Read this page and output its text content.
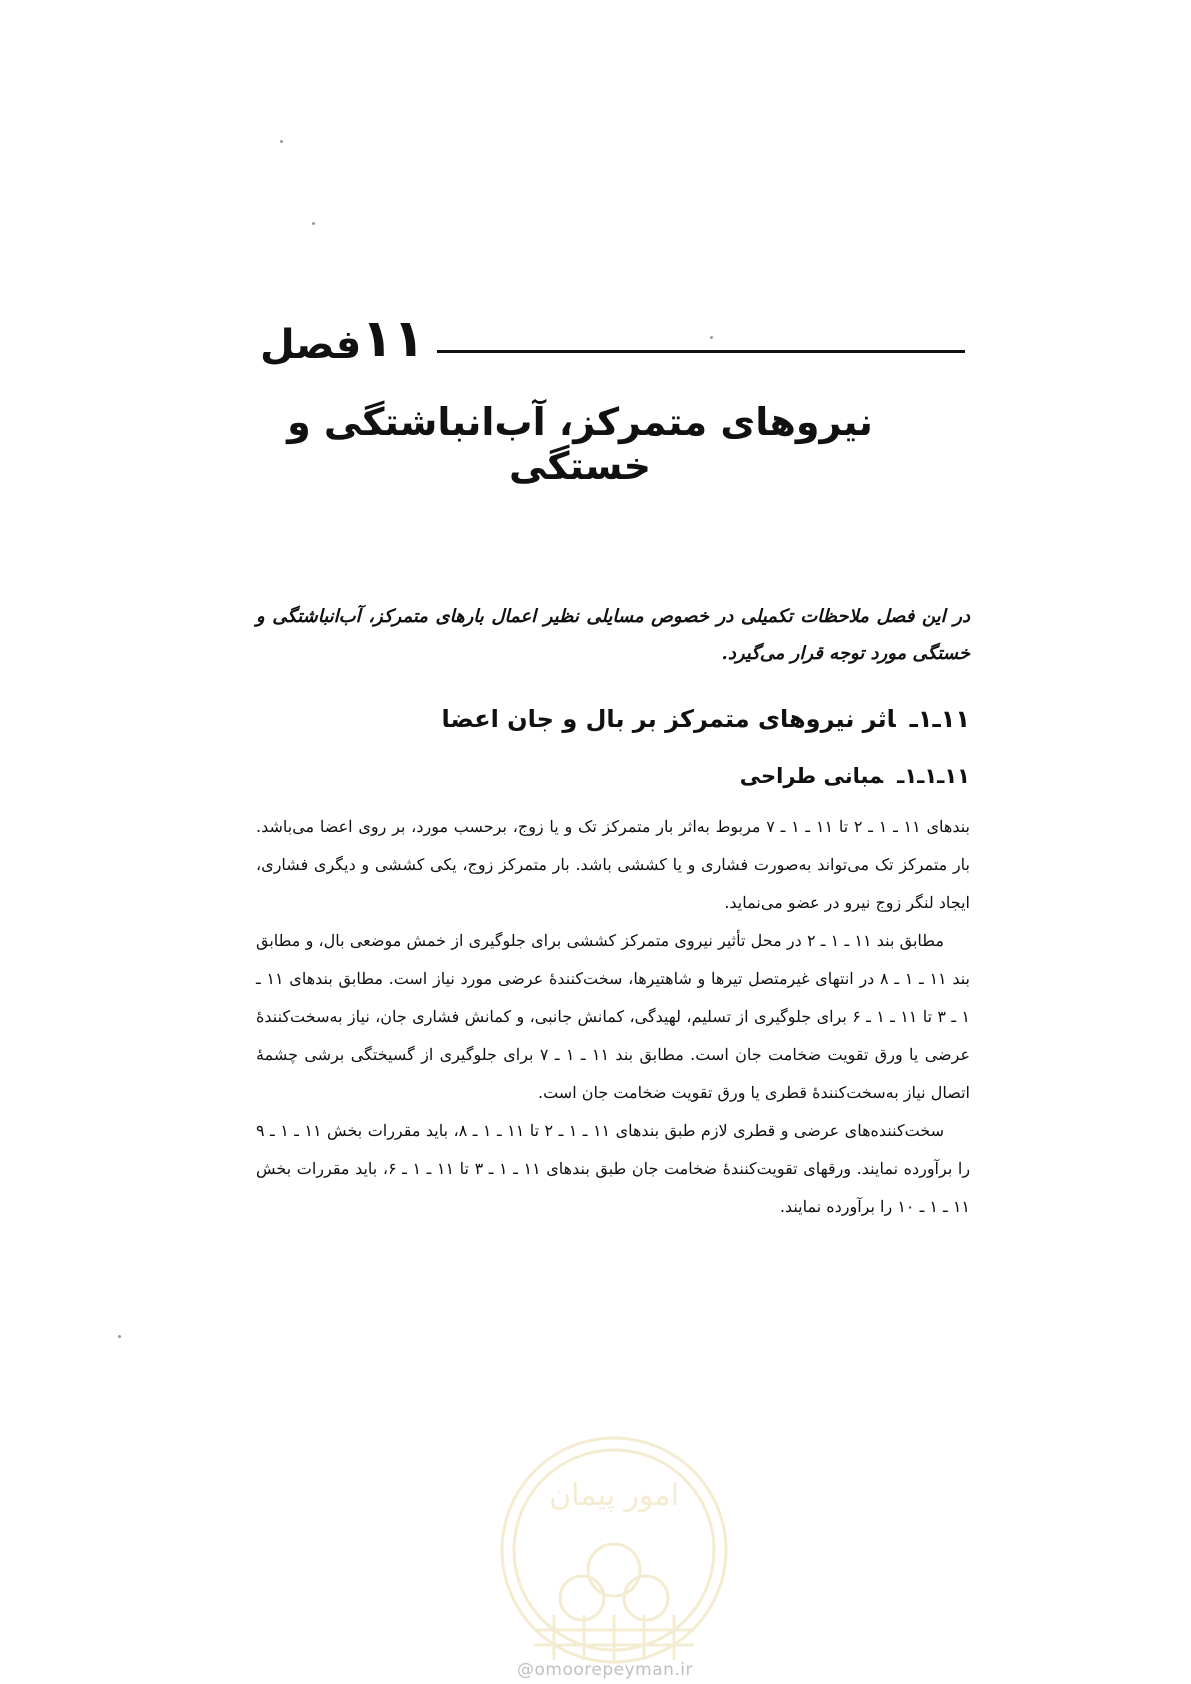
فصل ١١
نیروهای متمرکز، آب‌انباشتگی و خستگی
در این فصل ملاحظات تکمیلی در خصوص مسایلی نظیر اعمال بارهای متمرکز، آب‌انباشتگی و خستگی مورد توجه قرار می‌گیرد.
۱۱ـ۱ـاثر نیروهای متمرکز بر بال و جان اعضا
۱۱ـ۱ـ۱ـمبانی طراحی

بندهای ۱۱ ـ ۱ ـ ۲ تا ۱۱ ـ ۱ ـ ۷ مربوط به‌اثر بار متمرکز تک و یا زوج، برحسب مورد، بر روی اعضا می‌باشد. بار متمرکز تک می‌تواند به‌صورت فشاری و یا کششی باشد. بار متمرکز زوج، یکی کششی و دیگری فشاری، ایجاد لنگر زوج نیرو در عضو می‌نماید.

مطابق بند ۱۱ ـ ۱ ـ ۲ در محل تأثیر نیروی متمرکز کششی برای جلوگیری از خمش موضعی بال، و مطابق بند ۱۱ ـ ۱ ـ ۸ در انتهای غیرمتصل تیرها و شاهتیرها، سخت‌کنندهٔ عرضی مورد نیاز است. مطابق بندهای ۱۱ ـ ۱ ـ ۳ تا ۱۱ ـ ۱ ـ ۶ برای جلوگیری از تسلیم، لهیدگی، کمانش جانبی، و کمانش فشاری جان، نیاز به‌سخت‌کنندهٔ عرضی یا ورق تقویت ضخامت جان است. مطابق بند ۱۱ ـ ۱ ـ ۷ برای جلوگیری از گسیختگی برشی چشمهٔ اتصال نیاز به‌سخت‌کنندهٔ قطری یا ورق تقویت ضخامت جان است.

سخت‌کننده‌های عرضی و قطری لازم طبق بندهای ۱۱ ـ ۱ ـ ۲ تا ۱۱ ـ ۱ ـ ۸، باید مقررات بخش ۱۱ ـ ۱ ـ ۹ را برآورده نمایند. ورقهای تقویت‌کنندهٔ ضخامت جان طبق بندهای ۱۱ ـ ۱ ـ ۳ تا ۱۱ ـ ۱ ـ ۶، باید مقررات بخش ۱۱ ـ ۱ ـ ۱۰ را برآورده نمایند.

امور پیمان
@omoorepeyman.ir
